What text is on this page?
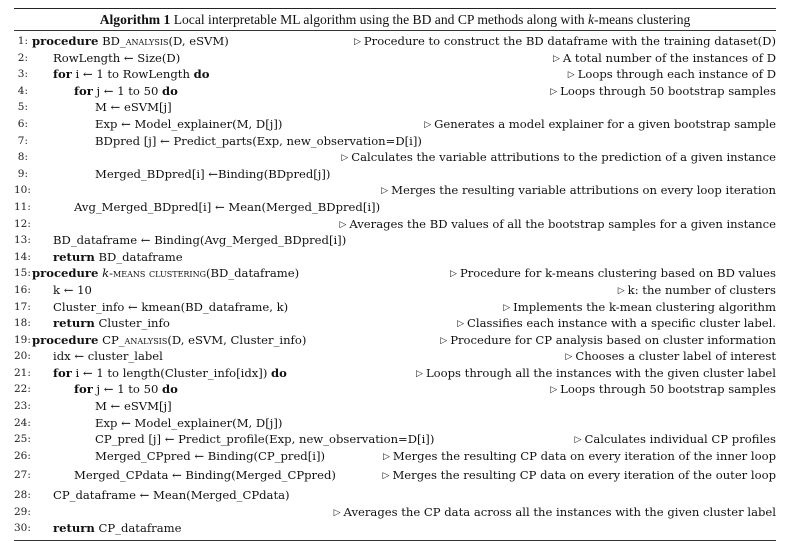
Algorithm 1 Local interpretable ML algorithm using the BD and CP methods along with k-means clustering
1: procedure BD_analysis(D, eSVM)	▷ Procedure to construct the BD dataframe with the training dataset(D)
2: RowLength ← Size(D)	▷ A total number of the instances of D
3: for i ← 1 to RowLength do	▷ Loops through each instance of D
4:	for j ← 1 to 50 do	▷ Loops through 50 bootstrap samples
5:	M ← eSVM[j]
6:	Exp ← Model_explainer(M, D[j])	▷ Generates a model explainer for a given bootstrap sample
7:	BDpred [j] ← Predict_parts(Exp, new_observation=D[i])
8:	▷ Calculates the variable attributions to the prediction of a given instance
9:	Merged_BDpred[i] ←Binding(BDpred[j])
10:	▷ Merges the resulting variable attributions on every loop iteration
11:	Avg_Merged_BDpred[i] ← Mean(Merged_BDpred[i])
12:	▷ Averages the BD values of all the bootstrap samples for a given instance
13: BD_dataframe ← Binding(Avg_Merged_BDpred[i])
14: return BD_dataframe
15: procedure k-means clustering(BD_dataframe)	▷ Procedure for k-means clustering based on BD values
16: k ← 10	▷ k: the number of clusters
17: Cluster_info ← kmean(BD_dataframe, k)	▷ Implements the k-mean clustering algorithm
18: return Cluster_info	▷ Classifies each instance with a specific cluster label.
19: procedure CP_analysis(D, eSVM, Cluster_info)	▷ Procedure for CP analysis based on cluster information
20: idx ← cluster_label	▷ Chooses a cluster label of interest
21: for i ← 1 to length(Cluster_info[idx]) do	▷ Loops through all the instances with the given cluster label
22:	for j ← 1 to 50 do	▷ Loops through 50 bootstrap samples
23:	M ← eSVM[j]
24:	Exp ← Model_explainer(M, D[j])
25:	CP_pred [j] ← Predict_profile(Exp, new_observation=D[i])	▷ Calculates individual CP profiles
26:	Merged_CPpred ← Binding(CP_pred[i])	▷ Merges the resulting CP data on every iteration of the inner loop
27:	Merged_CPdata ← Binding(Merged_CPpred)	▷ Merges the resulting CP data on every iteration of the outer loop
28: CP_dataframe ← Mean(Merged_CPdata)
29:	▷ Averages the CP data across all the instances with the given cluster label
30: return CP_dataframe
